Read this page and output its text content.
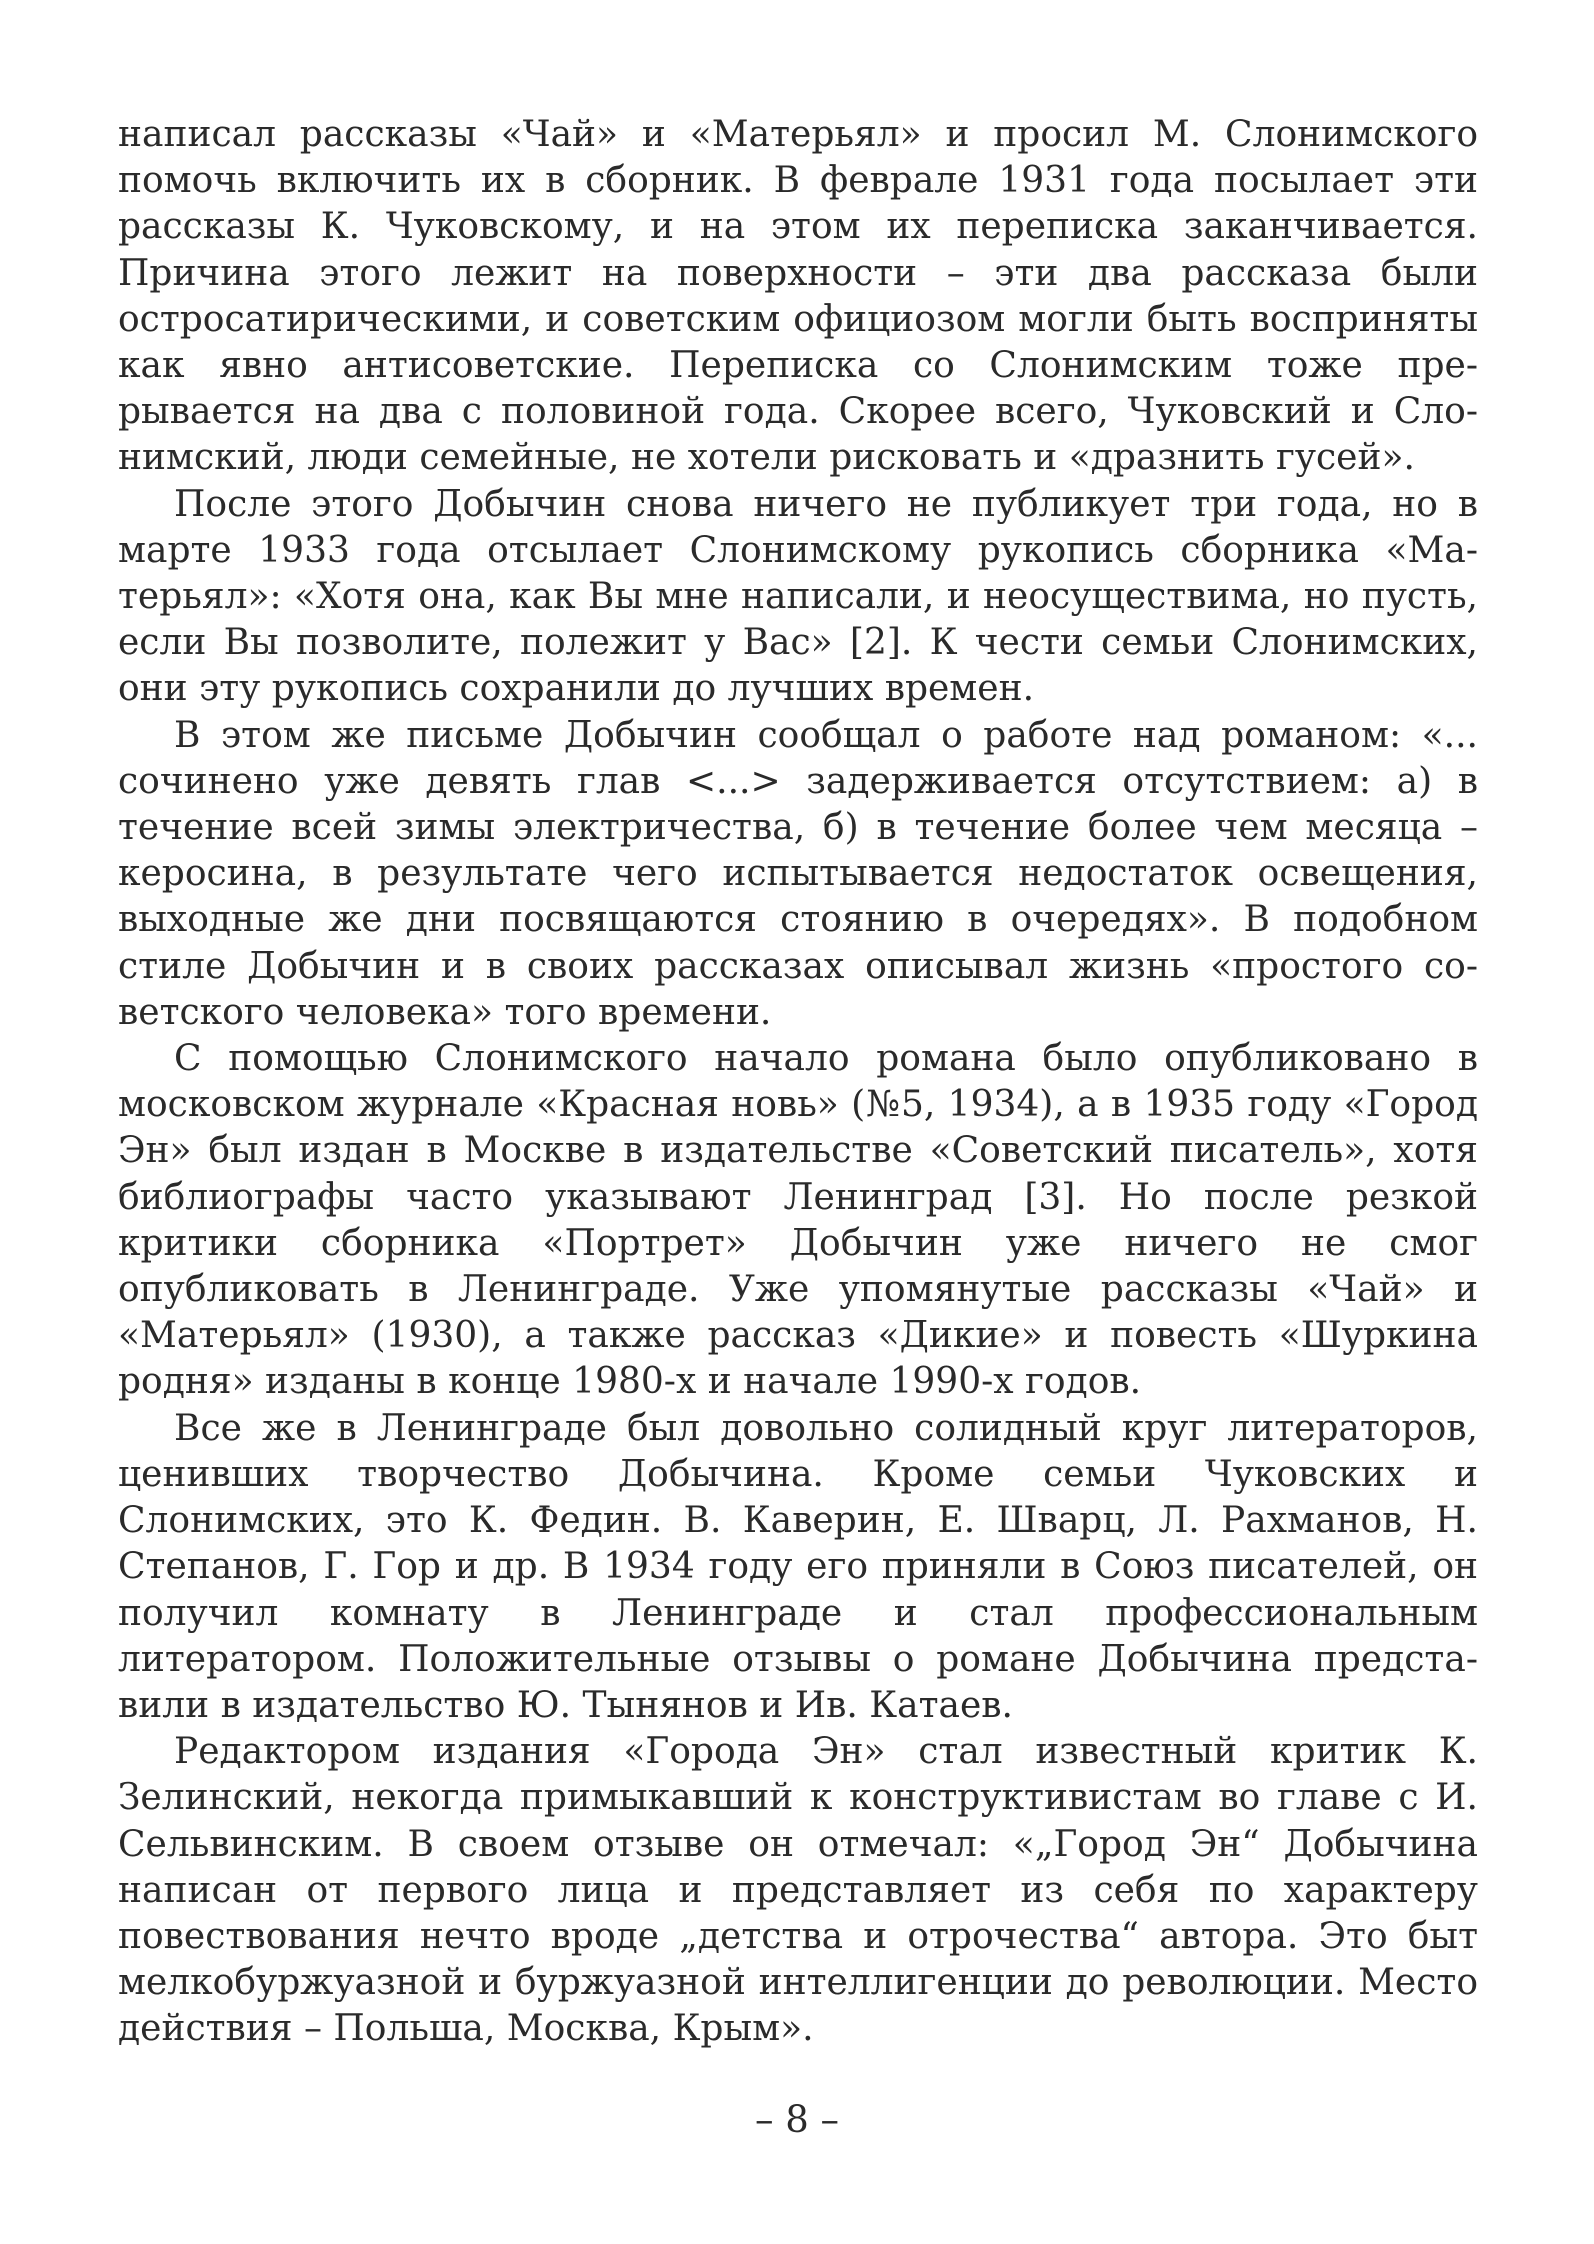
написал рассказы «Чай» и «Матерьял» и просил М. Слонимского помочь включить их в сборник. В феврале 1931 года посылает эти рассказы К. Чуковскому, и на этом их переписка заканчивается. Причина этого лежит на поверхности – эти два рассказа были остросатирическими, и советским официозом могли быть восприняты как явно антисоветские. Переписка со Слонимским тоже прерывается на два с половиной года. Скорее всего, Чуковский и Слонимский, люди семейные, не хотели рисковать и «дразнить гусей».

После этого Добычин снова ничего не публикует три года, но в марте 1933 года отсылает Слонимскому рукопись сборника «Матерьял»: «Хотя она, как Вы мне написали, и неосуществима, но пусть, если Вы позволите, полежит у Вас» [2]. К чести семьи Слонимских, они эту рукопись сохранили до лучших времен.

В этом же письме Добычин сообщал о работе над романом: «... сочинено уже девять глав <...> задерживается отсутствием: а) в течение всей зимы электричества, б) в течение более чем месяца – керосина, в результате чего испытывается недостаток освещения, выходные же дни посвящаются стоянию в очередях». В подобном стиле Добычин и в своих рассказах описывал жизнь «простого советского человека» того времени.

С помощью Слонимского начало романа было опубликовано в московском журнале «Красная новь» (№5, 1934), а в 1935 году «Город Эн» был издан в Москве в издательстве «Советский писатель», хотя библиографы часто указывают Ленинград [3]. Но после резкой критики сборника «Портрет» Добычин уже ничего не смог опубликовать в Ленинграде. Уже упомянутые рассказы «Чай» и «Матерьял» (1930), а также рассказ «Дикие» и повесть «Шуркина родня» изданы в конце 1980-х и начале 1990-х годов.

Все же в Ленинграде был довольно солидный круг литераторов, ценивших творчество Добычина. Кроме семьи Чуковских и Слонимских, это К. Федин. В. Каверин, Е. Шварц, Л. Рахманов, Н. Степанов, Г. Гор и др. В 1934 году его приняли в Союз писателей, он получил комнату в Ленинграде и стал профессиональным литератором. Положительные отзывы о романе Добычина представили в издательство Ю. Тынянов и Ив. Катаев.

Редактором издания «Города Эн» стал известный критик К. Зелинский, некогда примыкавший к конструктивистам во главе с И. Сельвинским. В своем отзыве он отмечал: «„Город Эн“ Добычина написан от первого лица и представляет из себя по характеру повествования нечто вроде „детства и отрочества“ автора. Это быт мелкобуржуазной и буржуазной интеллигенции до революции. Место действия – Польша, Москва, Крым».

– 8 –
